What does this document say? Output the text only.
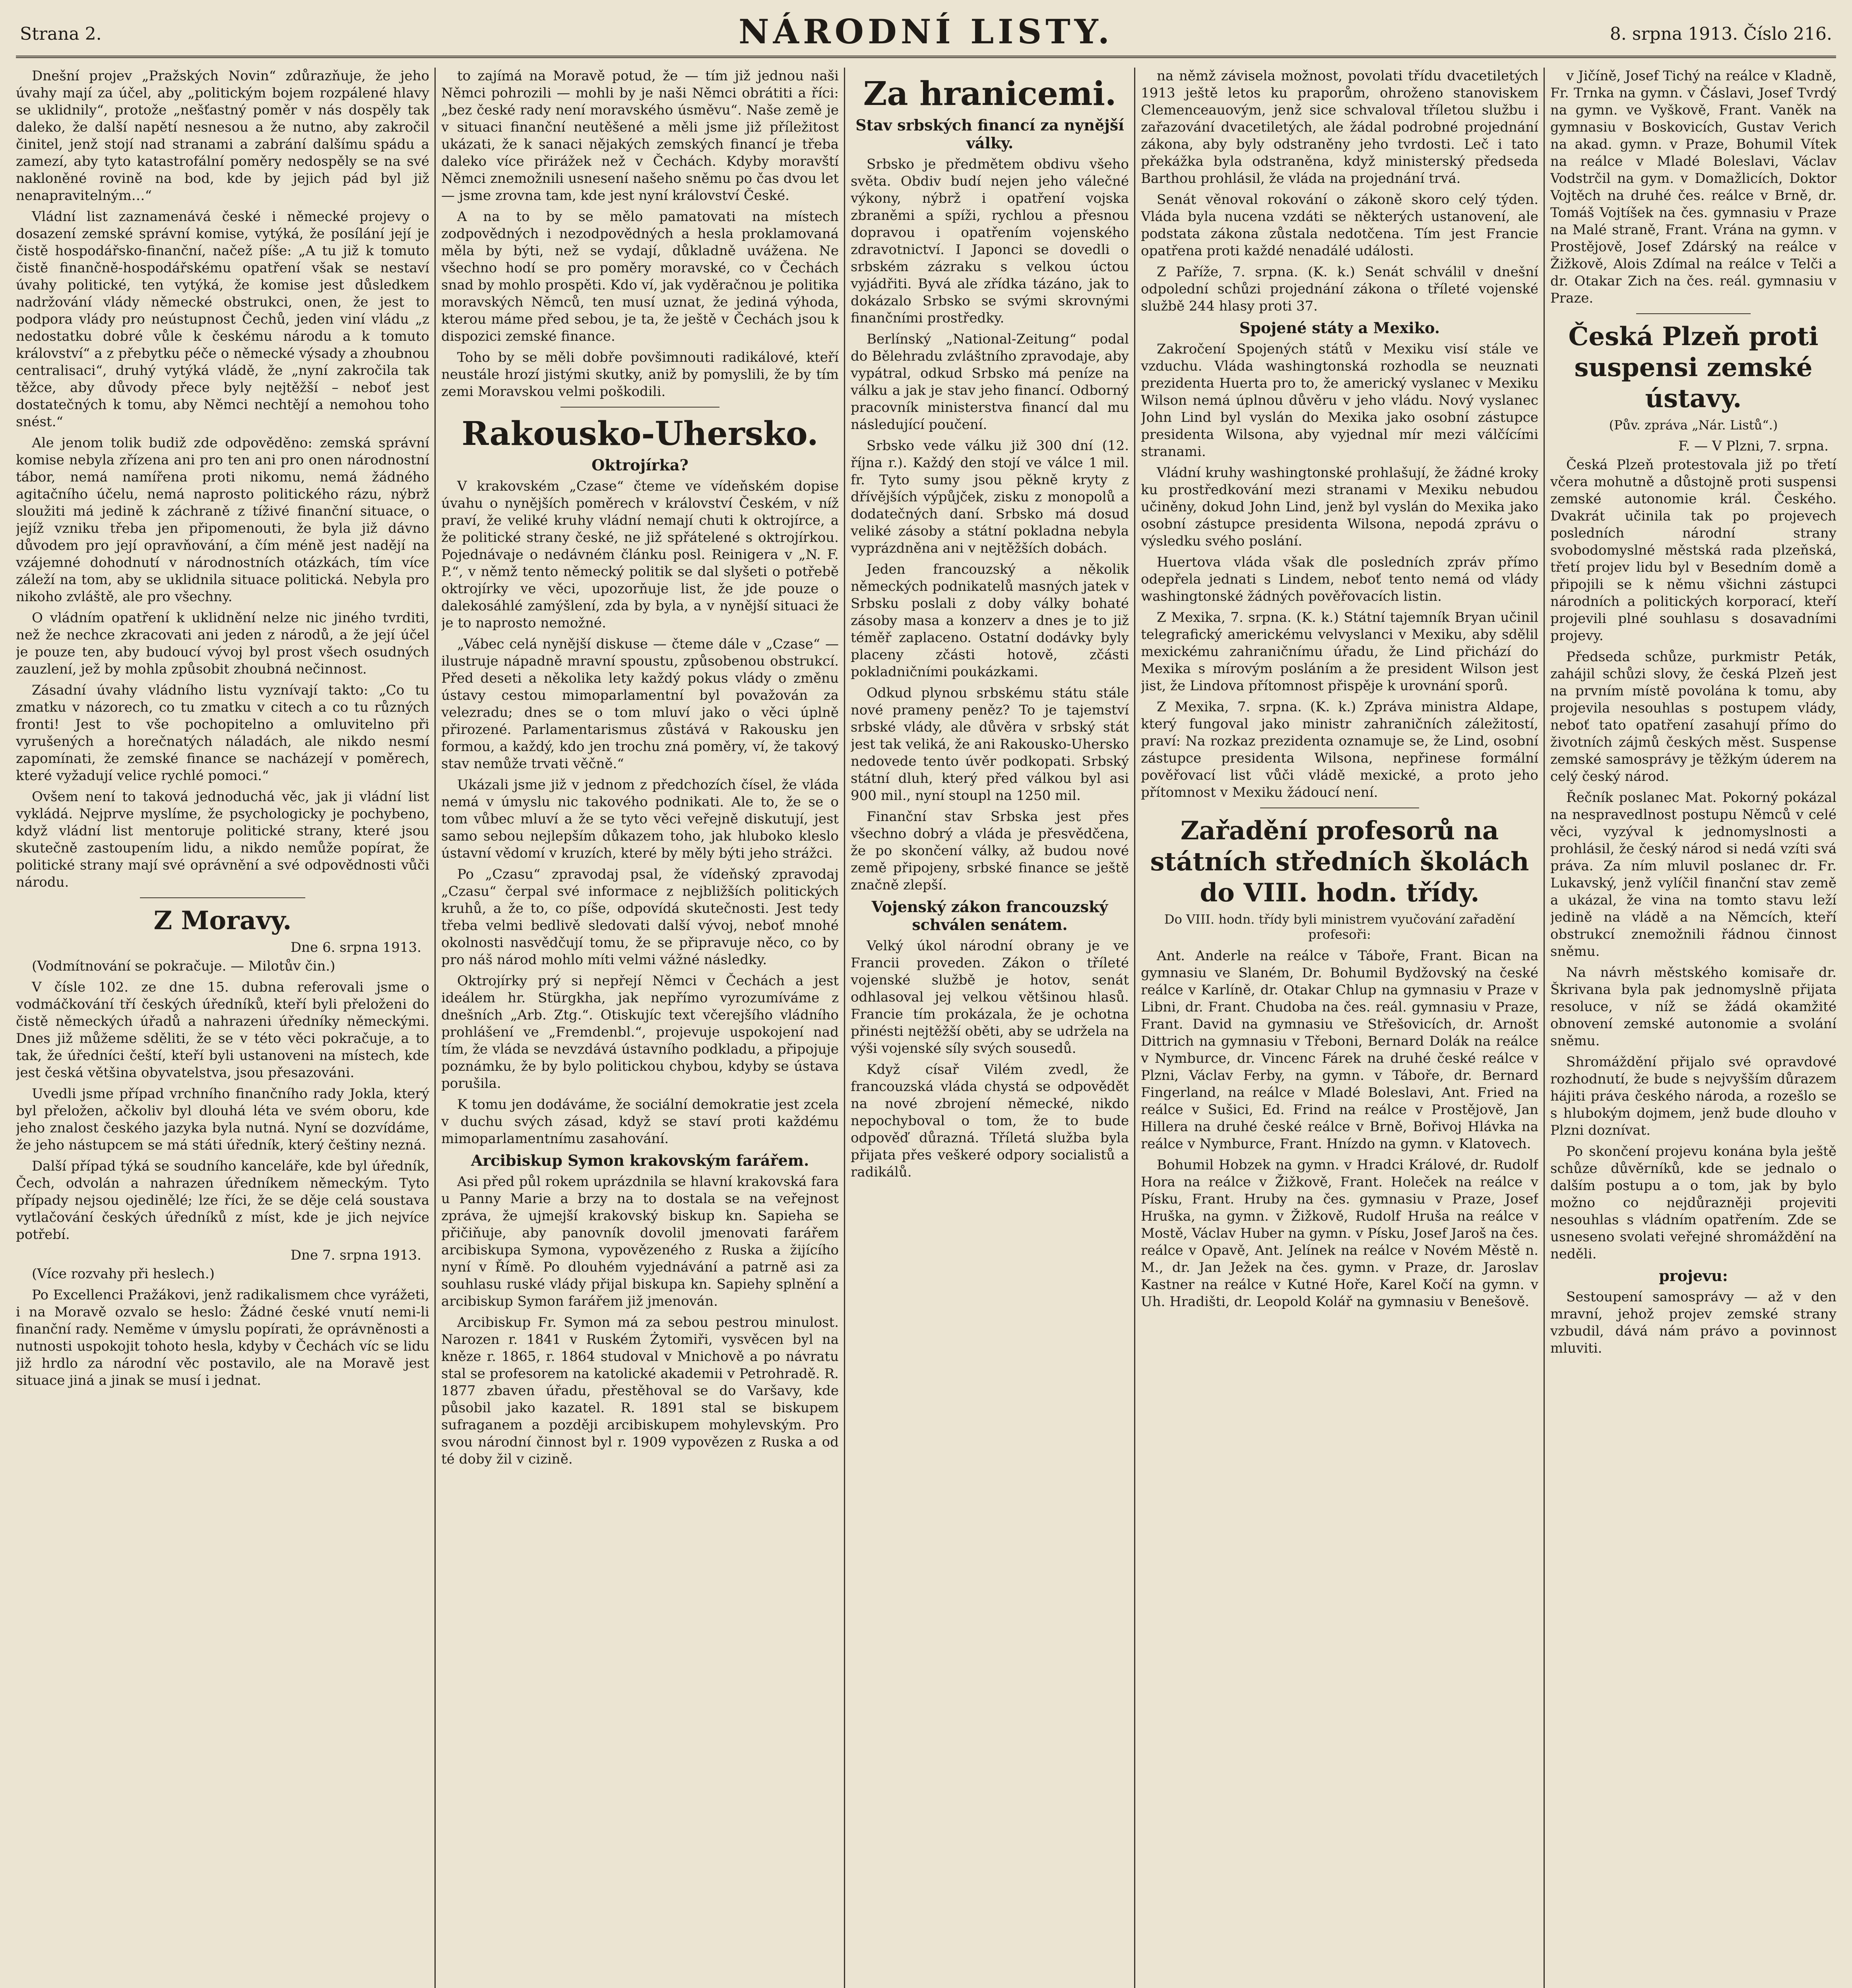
Strana 2.	NÁRODNÍ LISTY.	8. srpna 1913. Číslo 216.

Dnešní projev „Pražských Novin“ zdůrazňuje, že jeho úvahy mají za účel, aby „politickým bojem rozpálené hlavy se uklidnily“, protože „nešťastný poměr v nás dospěly tak daleko, že další napětí nesnesou a že nutno, aby zakročil činitel, jenž stojí nad stranami a zabrání dalšímu spádu a zamezí, aby tyto katastrofální poměry nedospěly se na své nakloněné rovině na bod, kde by jejich pád byl již nenapravitelným…“

Vládní list zaznamenává české i německé projevy o dosazení zemské správní komise, vytýká, že posílání její je čistě hospodářsko-finanční, načež píše: „A tu již k tomuto čistě finančně-hospodářskému opatření však se nestaví úvahy politické, ten vytýká, že komise jest důsledkem nadržování vlády německé obstrukci, onen, že jest to podpora vlády pro neústupnost Čechů, jeden viní vládu „z nedostatku dobré vůle k českému národu a k tomuto království“ a z přebytku péče o německé výsady a zhoubnou centralisaci“, druhý vytýká vládě, že „nyní zakročila tak těžce, aby důvody přece byly nejtěžší – neboť jest dostatečných k tomu, aby Němci nechtějí a nemohou toho snést.“

Ale jenom tolik budiž zde odpověděno: zemská správní komise nebyla zřízena ani pro ten ani pro onen národnostní tábor, nemá namířena proti nikomu, nemá žádného agitačního účelu, nemá naprosto politického rázu, nýbrž sloužiti má jedině k záchraně z tíživé finanční situace, o jejíž vzniku třeba jen připomenouti, že byla již dávno důvodem pro její opravňování, a čím méně jest nadějí na vzájemné dohodnutí v národnostních otázkách, tím více záleží na tom, aby se uklidnila situace politická. Nebyla pro nikoho zvláště, ale pro všechny.

O vládním opatření k uklidnění nelze nic jiného tvrditi, než že nechce zkracovati ani jeden z národů, a že její účel je pouze ten, aby budoucí vývoj byl prost všech osudných zauzlení, jež by mohla způsobit zhoubná nečinnost.

Zásadní úvahy vládního listu vyznívají takto: „Co tu zmatku v názorech, co tu zmatku v citech a co tu různých fronti! Jest to vše pochopitelno a omluvitelno při vyrušených a horečnatých náladách, ale nikdo nesmí zapomínati, že zemské finance se nacházejí v poměrech, které vyžadují velice rychlé pomoci.“

Ovšem není to taková jednoduchá věc, jak ji vládní list vykládá. Nejprve myslíme, že psychologicky je pochybeno, když vládní list mentoruje politické strany, které jsou skutečně zastoupením lidu, a nikdo nemůže popírat, že politické strany mají své oprávnění a své odpovědnosti vůči národu.

Z Moravy.
Dne 6. srpna 1913.

(Vodmítnování se pokračuje. — Milotův čin.)

V čísle 102. ze dne 15. dubna referovali jsme o vodmáčkování tří českých úředníků, kteří byli přeloženi do čistě německých úřadů a nahrazeni úředníky německými. Dnes již můžeme sděliti, že se v této věci pokračuje, a to tak, že úředníci čeští, kteří byli ustanoveni na místech, kde jest česká většina obyvatelstva, jsou přesazováni.

Uvedli jsme případ vrchního finančního rady Jokla, který byl přeložen, ačkoliv byl dlouhá léta ve svém oboru, kde jeho znalost českého jazyka byla nutná. Nyní se dozvídáme, že jeho nástupcem se má státi úředník, který češtiny nezná.

Další případ týká se soudního kanceláře, kde byl úředník, Čech, odvolán a nahrazen úředníkem německým. Tyto případy nejsou ojedinělé; lze říci, že se děje celá soustava vytlačování českých úředníků z míst, kde je jich nejvíce potřebí.

Dne 7. srpna 1913.

(Více rozvahy při heslech.)

Po Excellenci Pražákovi, jenž radikalismem chce vyrážeti, i na Moravě ozvalo se heslo: Žádné české vnutí nemi-li finanční rady. Neměme v úmyslu popírati, že oprávněnosti a nutnosti uspokojit tohoto hesla, kdyby v Čechách víc se lidu již hrdlo za národní věc postavilo, ale na Moravě jest situace jiná a jinak se musí i jednat.

to zajímá na Moravě potud, že — tím již jednou naši Němci pohrozili — mohli by je naši Němci obrátiti a říci: „bez české rady není moravského úsměvu“. Naše země je v situaci finanční neutěšené a měli jsme již příležitost ukázati, že k sanaci nějakých zemských financí je třeba daleko více přirážek než v Čechách. Kdyby moravští Němci znemožnili usnesení našeho sněmu po čas dvou let — jsme zrovna tam, kde jest nyní království České.

A na to by se mělo pamatovati na místech zodpovědných i nezodpovědných a hesla proklamovaná měla by býti, než se vydají, důkladně uvážena. Ne všechno hodí se pro poměry moravské, co v Čechách snad by mohlo prospěti. Kdo ví, jak vyděračnou je politika moravských Němců, ten musí uznat, že jediná výhoda, kterou máme před sebou, je ta, že ještě v Čechách jsou k dispozici zemské finance.

Toho by se měli dobře povšimnouti radikálové, kteří neustále hrozí jistými skutky, aniž by pomyslili, že by tím zemi Moravskou velmi poškodili.

Rakousko-Uhersko.
Oktrojírka?

V krakovském „Czase“ čteme ve vídeňském dopise úvahu o nynějších poměrech v království Českém, v níž praví, že veliké kruhy vládní nemají chuti k oktrojírce, a že politické strany české, ne již spřátelené s oktrojírkou. Pojednávaje o nedávném článku posl. Reinigera v „N. F. P.“, v němž tento německý politik se dal slyšeti o potřebě oktrojírky ve věci, upozorňuje list, že jde pouze o dalekosáhlé zamýšlení, zda by byla, a v nynější situaci že je to naprosto nemožné.

„Vábec celá nynější diskuse — čteme dále v „Czase“ — ilustruje nápadně mravní spoustu, způsobenou obstrukcí. Před deseti a několika lety každý pokus vlády o změnu ústavy cestou mimoparlamentní byl považován za velezradu; dnes se o tom mluví jako o věci úplně přirozené. Parlamentarismus zůstává v Rakousku jen formou, a každý, kdo jen trochu zná poměry, ví, že takový stav nemůže trvati věčně.“

Ukázali jsme již v jednom z předchozích čísel, že vláda nemá v úmyslu nic takového podnikati. Ale to, že se o tom vůbec mluví a že se tyto věci veřejně diskutují, jest samo sebou nejlepším důkazem toho, jak hluboko kleslo ústavní vědomí v kruzích, které by měly býti jeho strážci.

Po „Czasu“ zpravodaj psal, že vídeňský zpravodaj „Czasu“ čerpal své informace z nejbližších politických kruhů, a že to, co píše, odpovídá skutečnosti. Jest tedy třeba velmi bedlivě sledovati další vývoj, neboť mnohé okolnosti nasvědčují tomu, že se připravuje něco, co by pro náš národ mohlo míti velmi vážné následky.

Oktrojírky prý si nepřejí Němci v Čechách a jest ideálem hr. Stürgkha, jak nepřímo vyrozumíváme z dnešních „Arb. Ztg.“. Otiskujíc text včerejšího vládního prohlášení ve „Fremdenbl.“, projevuje uspokojení nad tím, že vláda se nevzdává ústavního podkladu, a připojuje poznámku, že by bylo politickou chybou, kdyby se ústava porušila.

K tomu jen dodáváme, že sociální demokratie jest zcela v duchu svých zásad, když se staví proti každému mimoparlamentnímu zasahování.

Arcibiskup Symon krakovským farářem.

Asi před půl rokem uprázdnila se hlavní krakovská fara u Panny Marie a brzy na to dostala se na veřejnost zpráva, že ujmejší krakovský biskup kn. Sapieha se přičiňuje, aby panovník dovolil jmenovati farářem arcibiskupa Symona, vypovězeného z Ruska a žijícího nyní v Římě. Po dlouhém vyjednávání a patrně asi za souhlasu ruské vlády přijal biskupa kn. Sapiehy splnění a arcibiskup Symon farářem již jmenován.

Arcibiskup Fr. Symon má za sebou pestrou minulost. Narozen r. 1841 v Ruském Żytomiři, vysvěcen byl na kněze r. 1865, r. 1864 studoval v Mnichově a po návratu stal se profesorem na katolické akademii v Petrohradě. R. 1877 zbaven úřadu, přestěhoval se do Varšavy, kde působil jako kazatel. R. 1891 stal se biskupem sufraganem a později arcibiskupem mohylevským. Pro svou národní činnost byl r. 1909 vypovězen z Ruska a od té doby žil v cizině.

Za hranicemi.
Stav srbských financí za nynější války.

Srbsko je předmětem obdivu všeho světa. Obdiv budí nejen jeho válečné výkony, nýbrž i opatření vojska zbraněmi a spíži, rychlou a přesnou dopravou i opatřením vojenského zdravotnictví. I Japonci se dovedli o srbském zázraku s velkou úctou vyjádřiti. Byvá ale zřídka tázáno, jak to dokázalo Srbsko se svými skrovnými finančními prostředky.

Berlínský „National-Zeitung“ podal do Bělehradu zvláštního zpravodaje, aby vypátral, odkud Srbsko má peníze na válku a jak je stav jeho financí. Odborný pracovník ministerstva financí dal mu následující poučení.

Srbsko vede válku již 300 dní (12. října r.). Každý den stojí ve válce 1 mil. fr. Tyto sumy jsou pěkně kryty z dřívějších výpůjček, zisku z monopolů a dodatečných daní. Srbsko má dosud veliké zásoby a státní pokladna nebyla vyprázdněna ani v nejtěžších dobách.

Jeden francouzský a několik německých podnikatelů masných jatek v Srbsku poslali z doby války bohaté zásoby masa a konzerv a dnes je to již téměř zaplaceno. Ostatní dodávky byly placeny zčásti hotově, zčásti pokladničními poukázkami.

Odkud plynou srbskému státu stále nové prameny peněz? To je tajemství srbské vlády, ale důvěra v srbský stát jest tak veliká, že ani Rakousko-Uhersko nedovede tento úvěr podkopati. Srbský státní dluh, který před válkou byl asi 900 mil., nyní stoupl na 1250 mil.

Finanční stav Srbska jest přes všechno dobrý a vláda je přesvědčena, že po skončení války, až budou nové země připojeny, srbské finance se ještě značně zlepší.

Vojenský zákon francouzský schválen senátem.

Velký úkol národní obrany je ve Francii proveden. Zákon o tříleté vojenské službě je hotov, senát odhlasoval jej velkou většinou hlasů. Francie tím prokázala, že je ochotna přinésti nejtěžší oběti, aby se udržela na výši vojenské síly svých sousedů.

Když císař Vilém zvedl, že francouzská vláda chystá se odpovědět na nové zbrojení německé, nikdo nepochyboval o tom, že to bude odpověď důrazná. Tříletá služba byla přijata přes veškeré odpory socialistů a radikálů.

na němž závisela možnost, povolati třídu dvacetiletých 1913 ještě letos ku praporům, ohroženo stanoviskem Clemenceauovým, jenž sice schvaloval tříletou službu i zařazování dvacetiletých, ale žádal podrobné projednání zákona, aby byly odstraněny jeho tvrdosti. Leč i tato překážka byla odstraněna, když ministerský předseda Barthou prohlásil, že vláda na projednání trvá.

Senát věnoval rokování o zákoně skoro celý týden. Vláda byla nucena vzdáti se některých ustanovení, ale podstata zákona zůstala nedotčena. Tím jest Francie opatřena proti každé nenadálé události.

Z Paříže, 7. srpna. (K. k.) Senát schválil v dnešní odpolední schůzi projednání zákona o tříleté vojenské službě 244 hlasy proti 37.

Spojené státy a Mexiko.

Zakročení Spojených států v Mexiku visí stále ve vzduchu. Vláda washingtonská rozhodla se neuznati prezidenta Huerta pro to, že americký vyslanec v Mexiku Wilson nemá úplnou důvěru v jeho vládu. Nový vyslanec John Lind byl vyslán do Mexika jako osobní zástupce presidenta Wilsona, aby vyjednal mír mezi válčícími stranami.

Vládní kruhy washingtonské prohlašují, že žádné kroky ku prostředkování mezi stranami v Mexiku nebudou učiněny, dokud John Lind, jenž byl vyslán do Mexika jako osobní zástupce presidenta Wilsona, nepodá zprávu o výsledku svého poslání.

Huertova vláda však dle posledních zpráv přímo odepřela jednati s Lindem, neboť tento nemá od vlády washingtonské žádných pověřovacích listin.

Z Mexika, 7. srpna. (K. k.) Státní tajemník Bryan učinil telegrafický americkému velvyslanci v Mexiku, aby sdělil mexickému zahraničnímu úřadu, že Lind přichází do Mexika s mírovým posláním a že president Wilson jest jist, že Lindova přítomnost přispěje k urovnání sporů.

Z Mexika, 7. srpna. (K. k.) Zpráva ministra Aldape, který fungoval jako ministr zahraničních záležitostí, praví: Na rozkaz prezidenta oznamuje se, že Lind, osobní zástupce presidenta Wilsona, nepřinese formální pověřovací list vůči vládě mexické, a proto jeho přítomnost v Mexiku žádoucí není.

Zařadění profesorů na státních středních školách do VIII. hodn. třídy.
Do VIII. hodn. třídy byli ministrem vyučování zařadění profesoři:

Ant. Anderle na reálce v Táboře, Frant. Bican na gymnasiu ve Slaném, Dr. Bohumil Bydžovský na české reálce v Karlíně, dr. Otakar Chlup na gymnasiu v Praze v Libni, dr. Frant. Chudoba na čes. reál. gymnasiu v Praze, Frant. David na gymnasiu ve Střešovicích, dr. Arnošt Dittrich na gymnasiu v Třeboni, Bernard Dolák na reálce v Nymburce, dr. Vincenc Fárek na druhé české reálce v Plzni, Václav Ferby, na gymn. v Táboře, dr. Bernard Fingerland, na reálce v Mladé Boleslavi, Ant. Fried na reálce v Sušici, Ed. Frind na reálce v Prostějově, Jan Hillera na druhé české reálce v Brně, Bořivoj Hlávka na reálce v Nymburce, Frant. Hnízdo na gymn. v Klatovech.

Bohumil Hobzek na gymn. v Hradci Králové, dr. Rudolf Hora na reálce v Žižkově, Frant. Holeček na reálce v Písku, Frant. Hruby na čes. gymnasiu v Praze, Josef Hruška, na gymn. v Žižkově, Rudolf Hruša na reálce v Mostě, Václav Huber na gymn. v Písku, Josef Jaroš na čes. reálce v Opavě, Ant. Jelínek na reálce v Novém Městě n. M., dr. Jan Ježek na čes. gymn. v Praze, dr. Jaroslav Kastner na reálce v Kutné Hoře, Karel Kočí na gymn. v Uh. Hradišti, dr. Leopold Kolář na gymnasiu v Benešově.

v Jičíně, Josef Tichý na reálce v Kladně, Fr. Trnka na gymn. v Čáslavi, Josef Tvrdý na gymn. ve Vyškově, Frant. Vaněk na gymnasiu v Boskovicích, Gustav Verich na akad. gymn. v Praze, Bohumil Vítek na reálce v Mladé Boleslavi, Václav Vodstrčil na gym. v Domažlicích, Doktor Vojtěch na druhé čes. reálce v Brně, dr. Tomáš Vojtíšek na čes. gymnasiu v Praze na Malé straně, Frant. Vrána na gymn. v Prostějově, Josef Zdárský na reálce v Žižkově, Alois Zdímal na reálce v Telči a dr. Otakar Zich na čes. reál. gymnasiu v Praze.

Česká Plzeň proti suspensi zemské ústavy.
(Pův. zpráva „Nár. Listů“.)
F. — V Plzni, 7. srpna.

Česká Plzeň protestovala již po třetí včera mohutně a důstojně proti suspensi zemské autonomie král. Českého. Dvakrát učinila tak po projevech posledních národní strany svobodomyslné městská rada plzeňská, třetí projev lidu byl v Besedním domě a připojili se k němu všichni zástupci národních a politických korporací, kteří projevili plné souhlasu s dosavadními projevy.

Předseda schůze, purkmistr Peták, zahájil schůzi slovy, že česká Plzeň jest na prvním místě povolána k tomu, aby projevila nesouhlas s postupem vlády, neboť tato opatření zasahují přímo do životních zájmů českých měst. Suspense zemské samosprávy je těžkým úderem na celý český národ.

Řečník poslanec Mat. Pokorný pokázal na nespravedlnost postupu Němců v celé věci, vyzýval k jednomyslnosti a prohlásil, že český národ si nedá vzíti svá práva. Za ním mluvil poslanec dr. Fr. Lukavský, jenž vylíčil finanční stav země a ukázal, že vina na tomto stavu leží jedině na vládě a na Němcích, kteří obstrukcí znemožnili řádnou činnost sněmu.

Na návrh městského komisaře dr. Škrivana byla pak jednomyslně přijata resoluce, v níž se žádá okamžité obnovení zemské autonomie a svolání sněmu.

Shromáždění přijalo své opravdové rozhodnutí, že bude s nejvyšším důrazem hájiti práva českého národa, a rozešlo se s hlubokým dojmem, jenž bude dlouho v Plzni doznívat.

Po skončení projevu konána byla ještě schůze důvěrníků, kde se jednalo o dalším postupu a o tom, jak by bylo možno co nejdůrazněji projeviti nesouhlas s vládním opatřením. Zde se usneseno svolati veřejné shromáždění na neděli.

projevu:

Sestoupení samosprávy — až v den mravní, jehož projev zemské strany vzbudil, dává nám právo a povinnost mluviti.
